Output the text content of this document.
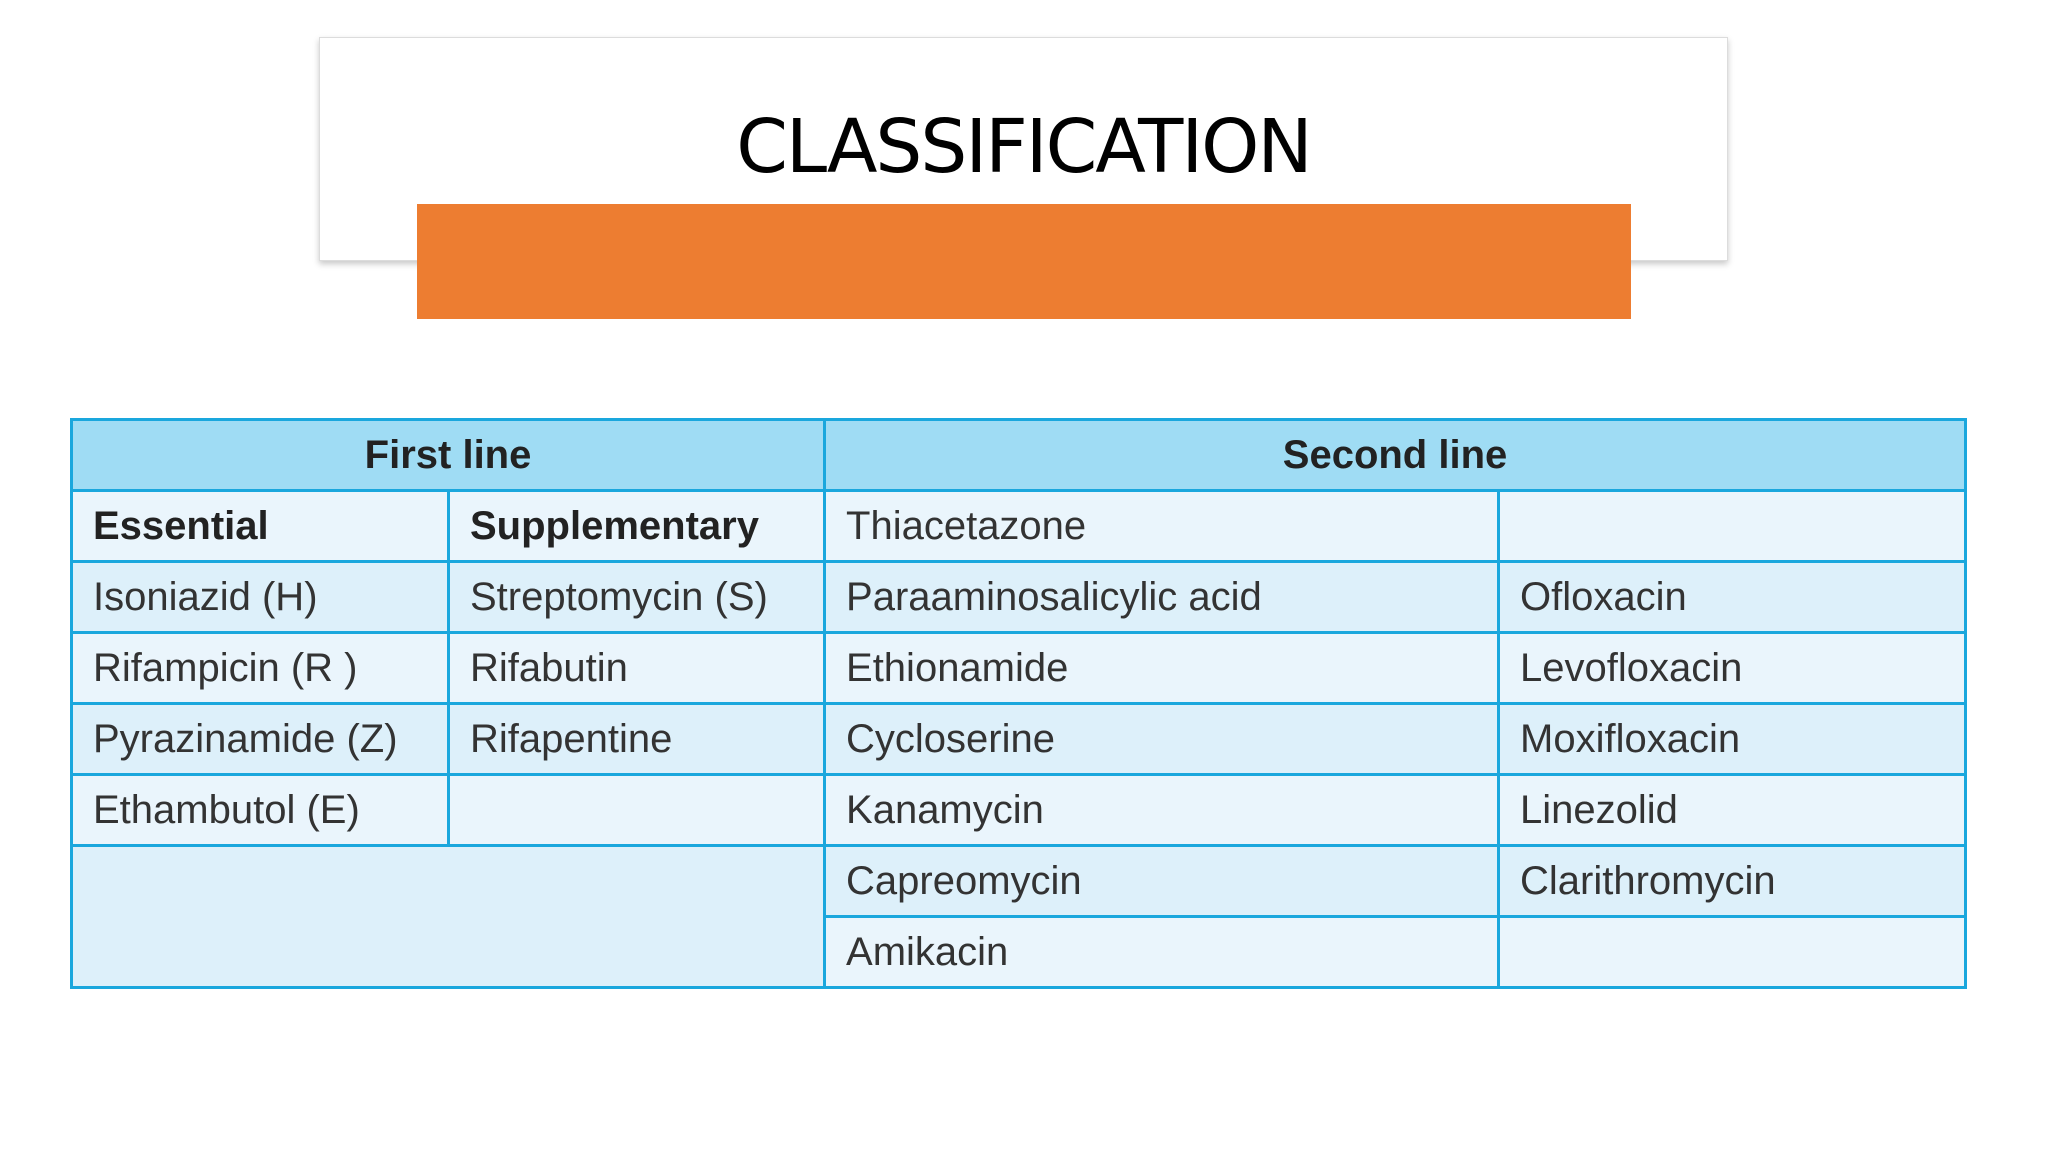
CLASSIFICATION
First line		Second line	
Essential	Supplementary	Thiacetazone	
Isoniazid (H)	Streptomycin (S)	Paraaminosalicylic acid	Ofloxacin
Rifampicin (R )	Rifabutin	Ethionamide	Levofloxacin
Pyrazinamide (Z)	Rifapentine	Cycloserine	Moxifloxacin
Ethambutol (E)		Kanamycin	Linezolid
		Capreomycin	Clarithromycin
		Amikacin	
